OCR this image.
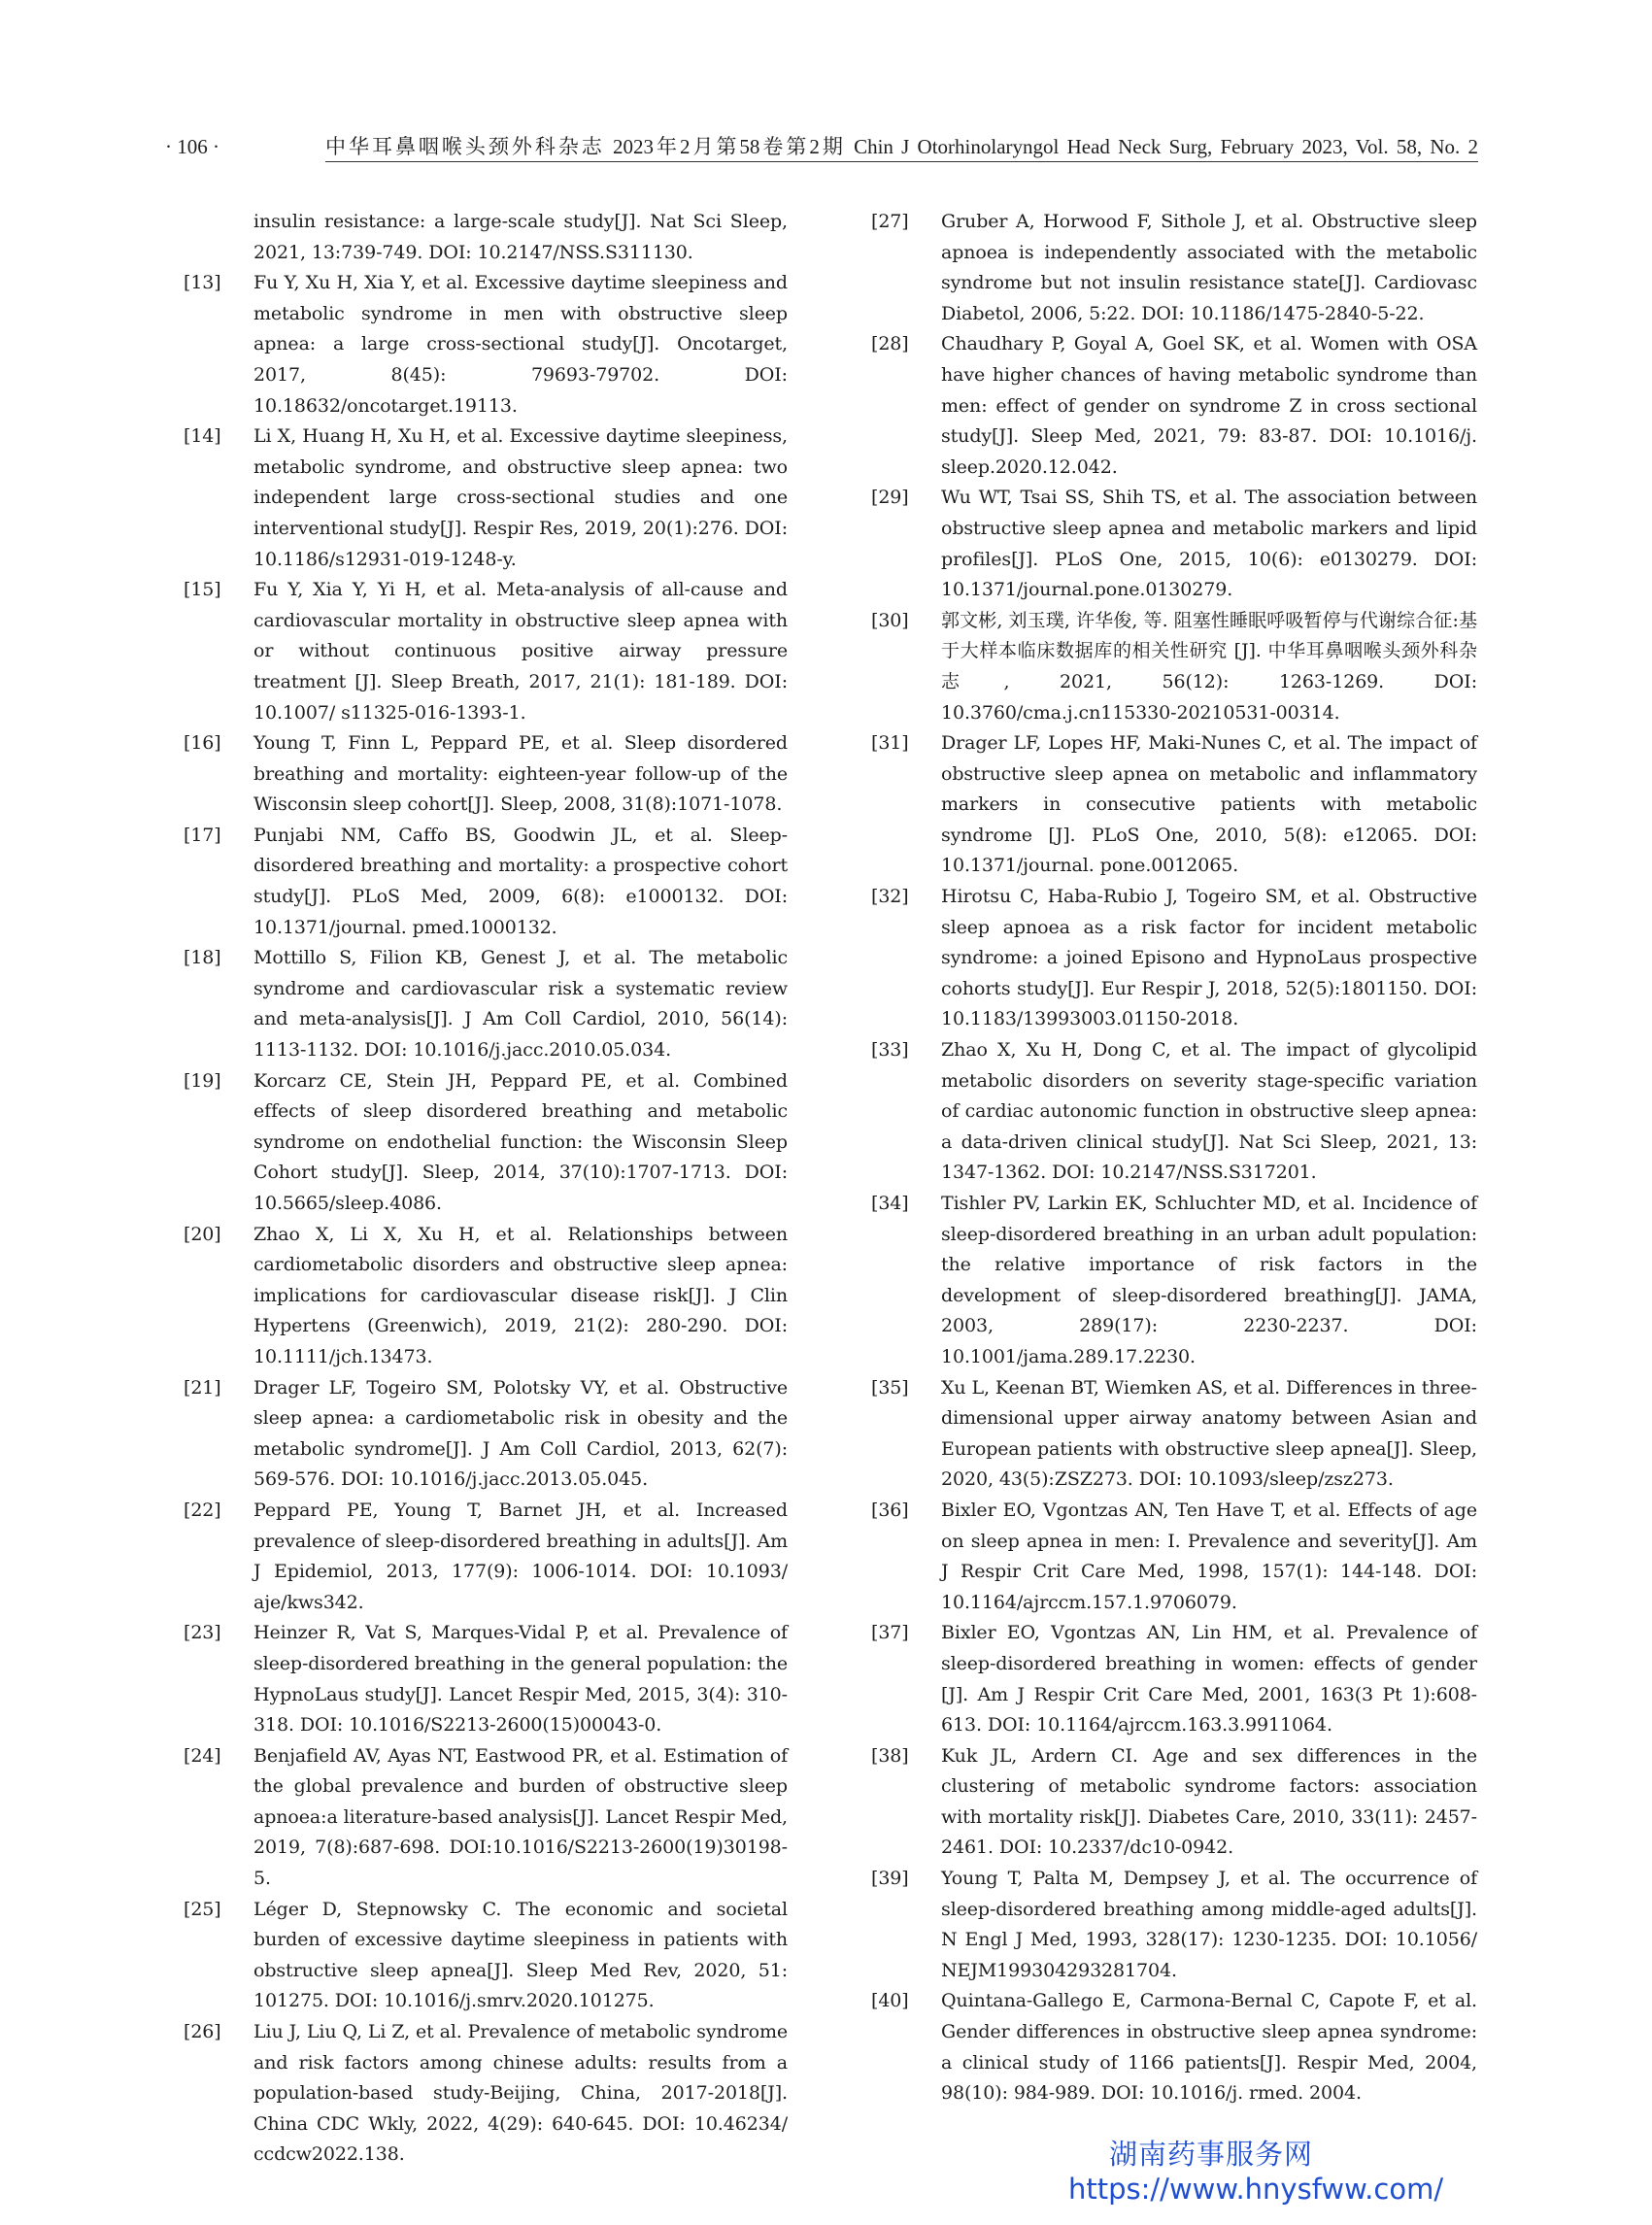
· 106 ·	中华耳鼻咽喉头颈外科杂志 2023年2月第58卷第2期 Chin J Otorhinolaryngol Head Neck Surg, February 2023, Vol. 58, No. 2
insulin resistance: a large-scale study[J]. Nat Sci Sleep, 2021, 13:739-749. DOI: 10.2147/NSS.S311130.
[13]	Fu Y, Xu H, Xia Y, et al. Excessive daytime sleepiness and metabolic syndrome in men with obstructive sleep apnea: a large cross-sectional study[J]. Oncotarget, 2017, 8(45): 79693-79702. DOI: 10.18632/oncotarget.19113.
[14]	Li X, Huang H, Xu H, et al. Excessive daytime sleepiness, metabolic syndrome, and obstructive sleep apnea: two independent large cross-sectional studies and one interventional study[J]. Respir Res, 2019, 20(1):276. DOI: 10.1186/s12931-019-1248-y.
[15]	Fu Y, Xia Y, Yi H, et al. Meta-analysis of all-cause and cardiovascular mortality in obstructive sleep apnea with or without continuous positive airway pressure treatment [J]. Sleep Breath, 2017, 21(1): 181-189. DOI: 10.1007/ s11325-016-1393-1.
[16]	Young T, Finn L, Peppard PE, et al. Sleep disordered breathing and mortality: eighteen-year follow-up of the Wisconsin sleep cohort[J]. Sleep, 2008, 31(8):1071-1078.
[17]	Punjabi NM, Caffo BS, Goodwin JL, et al. Sleep-disordered breathing and mortality: a prospective cohort study[J]. PLoS Med, 2009, 6(8): e1000132. DOI: 10.1371/journal. pmed.1000132.
[18]	Mottillo S, Filion KB, Genest J, et al. The metabolic syndrome and cardiovascular risk a systematic review and meta-analysis[J]. J Am Coll Cardiol, 2010, 56(14): 1113-1132. DOI: 10.1016/j.jacc.2010.05.034.
[19]	Korcarz CE, Stein JH, Peppard PE, et al. Combined effects of sleep disordered breathing and metabolic syndrome on endothelial function: the Wisconsin Sleep Cohort study[J]. Sleep, 2014, 37(10):1707-1713. DOI: 10.5665/sleep.4086.
[20]	Zhao X, Li X, Xu H, et al. Relationships between cardiometabolic disorders and obstructive sleep apnea: implications for cardiovascular disease risk[J]. J Clin Hypertens (Greenwich), 2019, 21(2): 280-290. DOI: 10.1111/jch.13473.
[21]	Drager LF, Togeiro SM, Polotsky VY, et al. Obstructive sleep apnea: a cardiometabolic risk in obesity and the metabolic syndrome[J]. J Am Coll Cardiol, 2013, 62(7): 569-576. DOI: 10.1016/j.jacc.2013.05.045.
[22]	Peppard PE, Young T, Barnet JH, et al. Increased prevalence of sleep-disordered breathing in adults[J]. Am J Epidemiol, 2013, 177(9): 1006-1014. DOI: 10.1093/ aje/kws342.
[23]	Heinzer R, Vat S, Marques-Vidal P, et al. Prevalence of sleep-disordered breathing in the general population: the HypnoLaus study[J]. Lancet Respir Med, 2015, 3(4): 310-318. DOI: 10.1016/S2213-2600(15)00043-0.
[24]	Benjafield AV, Ayas NT, Eastwood PR, et al. Estimation of the global prevalence and burden of obstructive sleep apnoea:a literature-based analysis[J]. Lancet Respir Med, 2019, 7(8):687-698. DOI:10.1016/S2213-2600(19)30198-5.
[25]	Léger D, Stepnowsky C. The economic and societal burden of excessive daytime sleepiness in patients with obstructive sleep apnea[J]. Sleep Med Rev, 2020, 51: 101275. DOI: 10.1016/j.smrv.2020.101275.
[26]	Liu J, Liu Q, Li Z, et al. Prevalence of metabolic syndrome and risk factors among chinese adults: results from a population-based study-Beijing, China, 2017-2018[J]. China CDC Wkly, 2022, 4(29): 640-645. DOI: 10.46234/ ccdcw2022.138.
[27]	Gruber A, Horwood F, Sithole J, et al. Obstructive sleep apnoea is independently associated with the metabolic syndrome but not insulin resistance state[J]. Cardiovasc Diabetol, 2006, 5:22. DOI: 10.1186/1475-2840-5-22.
[28]	Chaudhary P, Goyal A, Goel SK, et al. Women with OSA have higher chances of having metabolic syndrome than men: effect of gender on syndrome Z in cross sectional study[J]. Sleep Med, 2021, 79: 83-87. DOI: 10.1016/j. sleep.2020.12.042.
[29]	Wu WT, Tsai SS, Shih TS, et al. The association between obstructive sleep apnea and metabolic markers and lipid profiles[J]. PLoS One, 2015, 10(6): e0130279. DOI: 10.1371/journal.pone.0130279.
[30]	郭文彬, 刘玉璞, 许华俊, 等. 阻塞性睡眠呼吸暂停与代谢综合征:基于大样本临床数据库的相关性研究 [J]. 中华耳鼻咽喉头颈外科杂志, 2021, 56(12): 1263-1269. DOI: 10.3760/cma.j.cn115330-20210531-00314.
[31]	Drager LF, Lopes HF, Maki-Nunes C, et al. The impact of obstructive sleep apnea on metabolic and inflammatory markers in consecutive patients with metabolic syndrome [J]. PLoS One, 2010, 5(8): e12065. DOI: 10.1371/journal. pone.0012065.
[32]	Hirotsu C, Haba-Rubio J, Togeiro SM, et al. Obstructive sleep apnoea as a risk factor for incident metabolic syndrome: a joined Episono and HypnoLaus prospective cohorts study[J]. Eur Respir J, 2018, 52(5):1801150. DOI: 10.1183/13993003.01150-2018.
[33]	Zhao X, Xu H, Dong C, et al. The impact of glycolipid metabolic disorders on severity stage-specific variation of cardiac autonomic function in obstructive sleep apnea: a data-driven clinical study[J]. Nat Sci Sleep, 2021, 13: 1347-1362. DOI: 10.2147/NSS.S317201.
[34]	Tishler PV, Larkin EK, Schluchter MD, et al. Incidence of sleep-disordered breathing in an urban adult population: the relative importance of risk factors in the development of sleep-disordered breathing[J]. JAMA, 2003, 289(17): 2230-2237. DOI: 10.1001/jama.289.17.2230.
[35]	Xu L, Keenan BT, Wiemken AS, et al. Differences in three-dimensional upper airway anatomy between Asian and European patients with obstructive sleep apnea[J]. Sleep, 2020, 43(5):ZSZ273. DOI: 10.1093/sleep/zsz273.
[36]	Bixler EO, Vgontzas AN, Ten Have T, et al. Effects of age on sleep apnea in men: I. Prevalence and severity[J]. Am J Respir Crit Care Med, 1998, 157(1): 144-148. DOI: 10.1164/ajrccm.157.1.9706079.
[37]	Bixler EO, Vgontzas AN, Lin HM, et al. Prevalence of sleep-disordered breathing in women: effects of gender [J]. Am J Respir Crit Care Med, 2001, 163(3 Pt 1):608-613. DOI: 10.1164/ajrccm.163.3.9911064.
[38]	Kuk JL, Ardern CI. Age and sex differences in the clustering of metabolic syndrome factors: association with mortality risk[J]. Diabetes Care, 2010, 33(11): 2457-2461. DOI: 10.2337/dc10-0942.
[39]	Young T, Palta M, Dempsey J, et al. The occurrence of sleep-disordered breathing among middle-aged adults[J]. N Engl J Med, 1993, 328(17): 1230-1235. DOI: 10.1056/ NEJM199304293281704.
[40]	Quintana-Gallego E, Carmona-Bernal C, Capote F, et al. Gender differences in obstructive sleep apnea syndrome: a clinical study of 1166 patients[J]. Respir Med, 2004, 98(10): 984-989. DOI: 10.1016/j. rmed. 2004.
湖南药事服务网
https://www.hnysfww.com/
